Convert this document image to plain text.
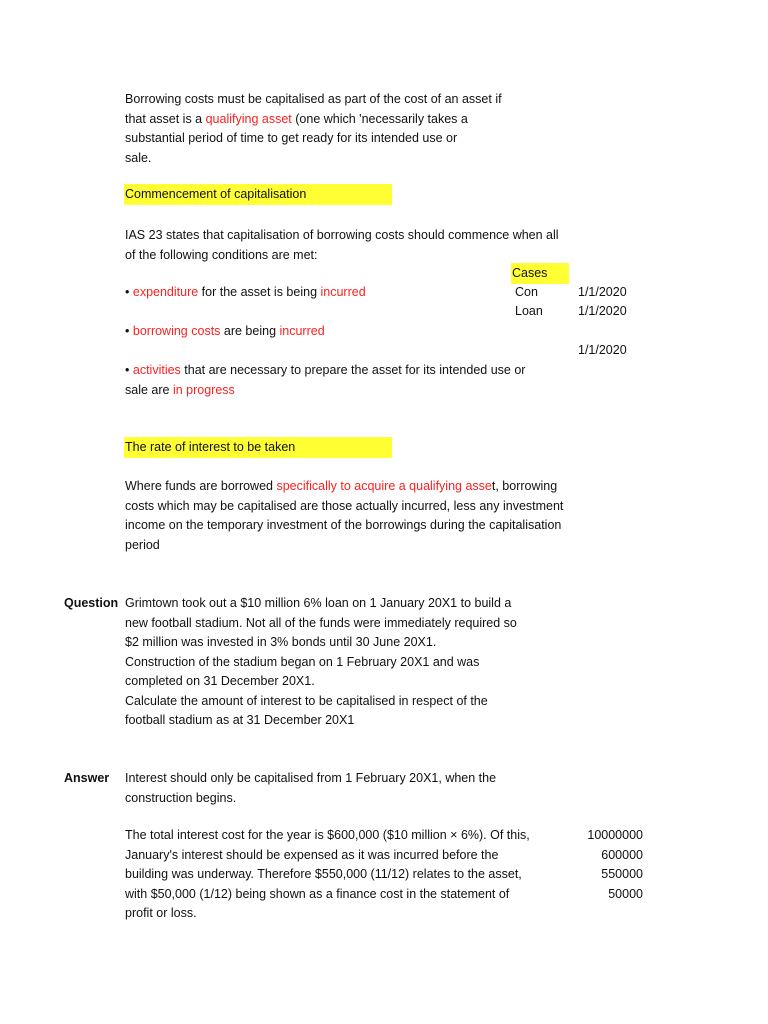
Borrowing costs must be capitalised as part of the cost of an asset if
that asset is a qualifying asset (one which 'necessarily takes a
substantial period of time to get ready for its intended use or
sale.
Commencement of capitalisation
IAS 23 states that capitalisation of borrowing costs should commence when all
of the following conditions are met:
Cases
Con	1/1/2020
Loan	1/1/2020
1/1/2020
• expenditure for the asset is being incurred
• borrowing costs are being incurred
• activities that are necessary to prepare the asset for its intended use or
sale are in progress
The rate of interest to be taken
Where funds are borrowed specifically to acquire a qualifying asset, borrowing
costs which may be capitalised are those actually incurred, less any investment
income on the temporary investment of the borrowings during the capitalisation
period
Question Grimtown took out a $10 million 6% loan on 1 January 20X1 to build a
new football stadium. Not all of the funds were immediately required so
$2 million was invested in 3% bonds until 30 June 20X1.
Construction of the stadium began on 1 February 20X1 and was
completed on 31 December 20X1.
Calculate the amount of interest to be capitalised in respect of the
football stadium as at 31 December 20X1
Answer Interest should only be capitalised from 1 February 20X1, when the
construction begins.
The total interest cost for the year is $600,000 ($10 million × 6%). Of this,
January's interest should be expensed as it was incurred before the
building was underway. Therefore $550,000 (11/12) relates to the asset,
with $50,000 (1/12) being shown as a finance cost in the statement of
profit or loss.
10000000
600000
550000
50000
